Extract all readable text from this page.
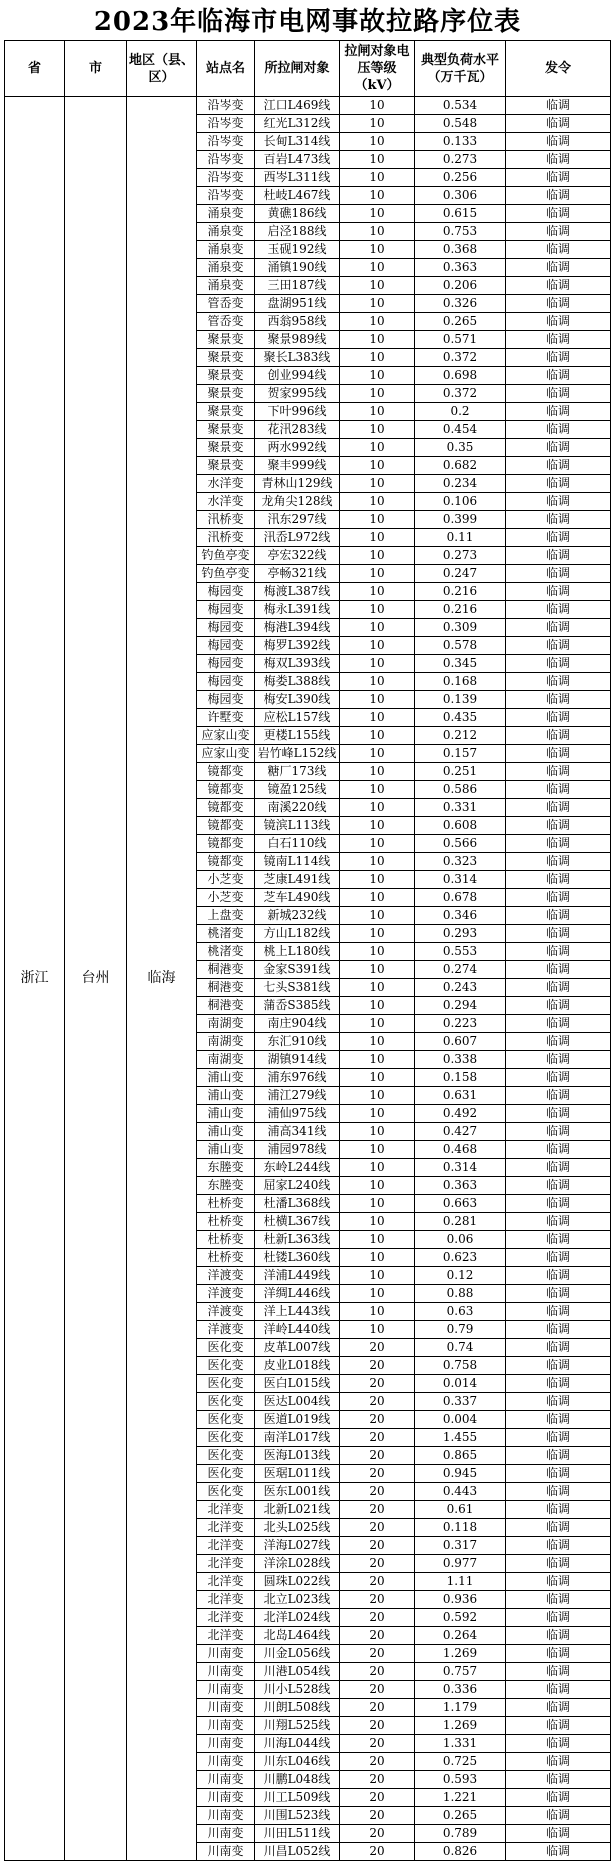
2023年临海市电网事故拉路序位表
省	市	地区（县、区）	站点名	所拉闸对象	拉闸对象电压等级（kV）	典型负荷水平（万千瓦）	发令
浙江	台州	临海	沿岑变	江口L469线	10	0.534	临调
			沿岑变	红光L312线	10	0.548	临调
			沿岑变	长甸L314线	10	0.133	临调
			沿岑变	百岩L473线	10	0.273	临调
			沿岑变	西岑L311线	10	0.256	临调
			沿岑变	杜岐L467线	10	0.306	临调
			涌泉变	黄礁186线	10	0.615	临调
			涌泉变	启泾188线	10	0.753	临调
			涌泉变	玉砚192线	10	0.368	临调
			涌泉变	涌镇190线	10	0.363	临调
			涌泉变	三田187线	10	0.206	临调
			管岙变	盘湖951线	10	0.326	临调
			管岙变	西翁958线	10	0.265	临调
			聚景变	聚景989线	10	0.571	临调
			聚景变	聚长L383线	10	0.372	临调
			聚景变	创业994线	10	0.698	临调
			聚景变	贺家995线	10	0.372	临调
			聚景变	下叶996线	10	0.2	临调
			聚景变	花汛283线	10	0.454	临调
			聚景变	两水992线	10	0.35	临调
			聚景变	聚丰999线	10	0.682	临调
			水洋变	青林山129线	10	0.234	临调
			水洋变	龙角尖128线	10	0.106	临调
			汛桥变	汛东297线	10	0.399	临调
			汛桥变	汛岙L972线	10	0.11	临调
			钓鱼亭变	亭宏322线	10	0.273	临调
			钓鱼亭变	亭畅321线	10	0.247	临调
			梅园变	梅渡L387线	10	0.216	临调
			梅园变	梅永L391线	10	0.216	临调
			梅园变	梅港L394线	10	0.309	临调
			梅园变	梅罗L392线	10	0.578	临调
			梅园变	梅双L393线	10	0.345	临调
			梅园变	梅娄L388线	10	0.168	临调
			梅园变	梅安L390线	10	0.139	临调
			许墅变	应松L157线	10	0.435	临调
			应家山变	更楼L155线	10	0.212	临调
			应家山变	岩竹峰L152线	10	0.157	临调
			镜都变	糖厂173线	10	0.251	临调
			镜都变	镜盈125线	10	0.586	临调
			镜都变	南溪220线	10	0.331	临调
			镜都变	镜滨L113线	10	0.608	临调
			镜都变	白石110线	10	0.566	临调
			镜都变	镜南L114线	10	0.323	临调
			小芝变	芝康L491线	10	0.314	临调
			小芝变	芝车L490线	10	0.678	临调
			上盘变	新城232线	10	0.346	临调
			桃渚变	方山L182线	10	0.293	临调
			桃渚变	桃上L180线	10	0.553	临调
			桐港变	金家S391线	10	0.274	临调
			桐港变	七头S381线	10	0.243	临调
			桐港变	蒲岙S385线	10	0.294	临调
			南湖变	南庄904线	10	0.223	临调
			南湖变	东汇910线	10	0.607	临调
			南湖变	湖镇914线	10	0.338	临调
			浦山变	浦东976线	10	0.158	临调
			浦山变	浦江279线	10	0.631	临调
			浦山变	浦仙975线	10	0.492	临调
			浦山变	浦高341线	10	0.427	临调
			浦山变	浦园978线	10	0.468	临调
			东塍变	东岭L244线	10	0.314	临调
			东塍变	屈家L240线	10	0.363	临调
			杜桥变	杜潘L368线	10	0.663	临调
			杜桥变	杜横L367线	10	0.281	临调
			杜桥变	杜新L363线	10	0.06	临调
			杜桥变	杜镂L360线	10	0.623	临调
			洋渡变	洋浦L449线	10	0.12	临调
			洋渡变	洋绸L446线	10	0.88	临调
			洋渡变	洋上L443线	10	0.63	临调
			洋渡变	洋岭L440线	10	0.79	临调
			医化变	皮革L007线	20	0.74	临调
			医化变	皮业L018线	20	0.758	临调
			医化变	医白L015线	20	0.014	临调
			医化变	医达L004线	20	0.337	临调
			医化变	医道L019线	20	0.004	临调
			医化变	南洋L017线	20	1.455	临调
			医化变	医海L013线	20	0.865	临调
			医化变	医琚L011线	20	0.945	临调
			医化变	医东L001线	20	0.443	临调
			北洋变	北新L021线	20	0.61	临调
			北洋变	北头L025线	20	0.118	临调
			北洋变	洋海L027线	20	0.317	临调
			北洋变	洋涂L028线	20	0.977	临调
			北洋变	圆珠L022线	20	1.11	临调
			北洋变	北立L023线	20	0.936	临调
			北洋变	北洋L024线	20	0.592	临调
			北洋变	北岛L464线	20	0.264	临调
			川南变	川金L056线	20	1.269	临调
			川南变	川港L054线	20	0.757	临调
			川南变	川小L528线	20	0.336	临调
			川南变	川朗L508线	20	1.179	临调
			川南变	川翔L525线	20	1.269	临调
			川南变	川海L044线	20	1.331	临调
			川南变	川东L046线	20	0.725	临调
			川南变	川鹏L048线	20	0.593	临调
			川南变	川工L509线	20	1.221	临调
			川南变	川围L523线	20	0.265	临调
			川南变	川田L511线	20	0.789	临调
			川南变	川昌L052线	20	0.826	临调
